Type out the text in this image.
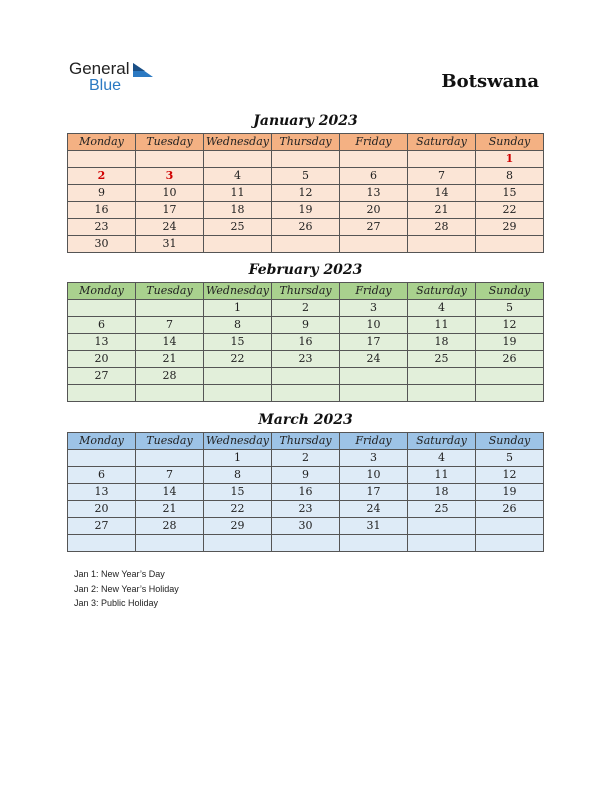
General
Blue	Botswana
January 2023
Monday	Tuesday	Wednesday	Thursday	Friday	Saturday	Sunday
						1
2	3	4	5	6	7	8
9	10	11	12	13	14	15
16	17	18	19	20	21	22
23	24	25	26	27	28	29
30	31					
February 2023
Monday	Tuesday	Wednesday	Thursday	Friday	Saturday	Sunday
		1	2	3	4	5
6	7	8	9	10	11	12
13	14	15	16	17	18	19
20	21	22	23	24	25	26
27	28					

March 2023
Monday	Tuesday	Wednesday	Thursday	Friday	Saturday	Sunday
		1	2	3	4	5
6	7	8	9	10	11	12
13	14	15	16	17	18	19
20	21	22	23	24	25	26
27	28	29	30	31		

Jan 1: New Year’s Day
Jan 2: New Year’s Holiday
Jan 3: Public Holiday
